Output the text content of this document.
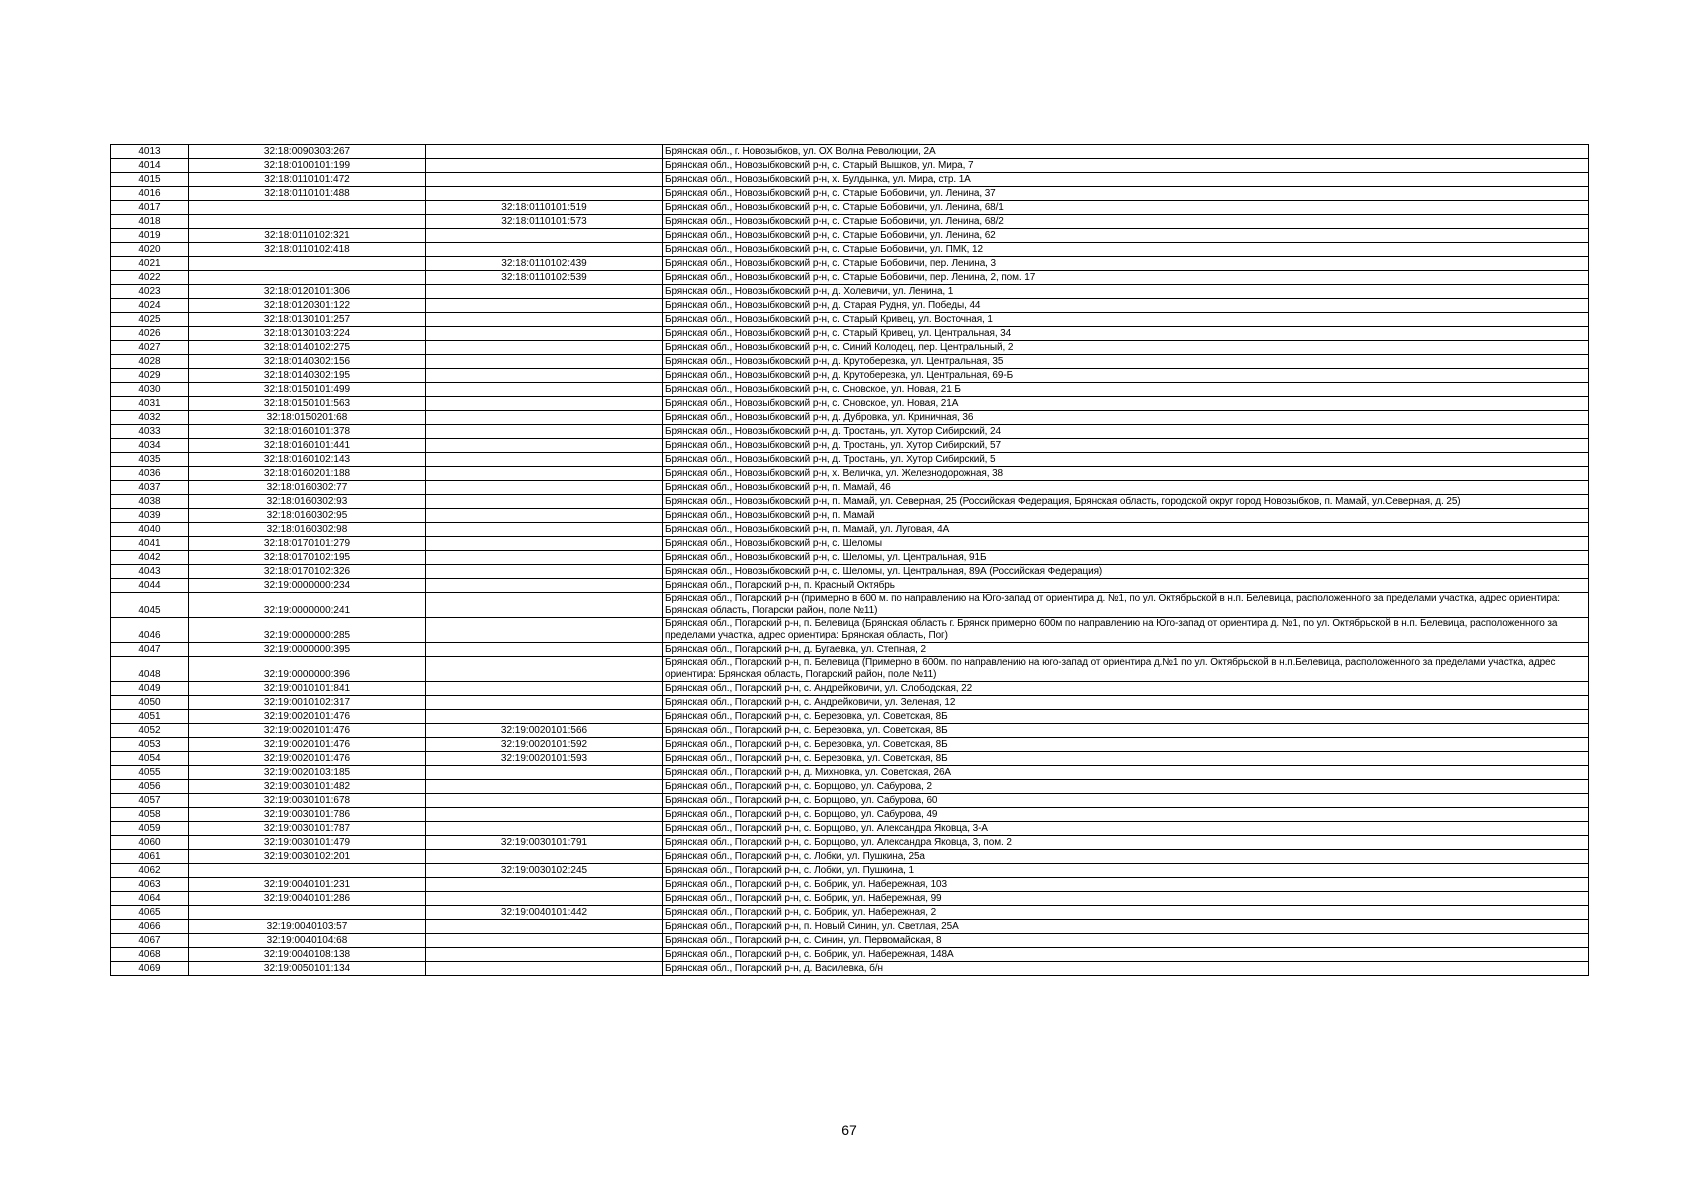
4013	32:18:0090303:267		Брянская обл., г. Новозыбков, ул. ОХ Волна Революции, 2А
4014	32:18:0100101:199		Брянская обл., Новозыбковский р-н, с. Старый Вышков, ул. Мира, 7
4015	32:18:0110101:472		Брянская обл., Новозыбковский р-н, х. Булдынка, ул. Мира, стр. 1А
4016	32:18:0110101:488		Брянская обл., Новозыбковский р-н, с. Старые Бобовичи, ул. Ленина, 37
4017		32:18:0110101:519	Брянская обл., Новозыбковский р-н, с. Старые Бобовичи, ул. Ленина, 68/1
4018		32:18:0110101:573	Брянская обл., Новозыбковский р-н, с. Старые Бобовичи, ул. Ленина, 68/2
4019	32:18:0110102:321		Брянская обл., Новозыбковский р-н, с. Старые Бобовичи, ул. Ленина, 62
4020	32:18:0110102:418		Брянская обл., Новозыбковский р-н, с. Старые Бобовичи, ул. ПМК, 12
4021		32:18:0110102:439	Брянская обл., Новозыбковский р-н, с. Старые Бобовичи, пер. Ленина, 3
4022		32:18:0110102:539	Брянская обл., Новозыбковский р-н, с. Старые Бобовичи, пер. Ленина, 2, пом. 17
4023	32:18:0120101:306		Брянская обл., Новозыбковский р-н, д. Холевичи, ул. Ленина, 1
4024	32:18:0120301:122		Брянская обл., Новозыбковский р-н, д. Старая Рудня, ул. Победы, 44
4025	32:18:0130101:257		Брянская обл., Новозыбковский р-н, с. Старый Кривец, ул. Восточная, 1
4026	32:18:0130103:224		Брянская обл., Новозыбковский р-н, с. Старый Кривец, ул. Центральная, 34
4027	32:18:0140102:275		Брянская обл., Новозыбковский р-н, с. Синий Колодец, пер. Центральный, 2
4028	32:18:0140302:156		Брянская обл., Новозыбковский р-н, д. Крутоберезка, ул. Центральная, 35
4029	32:18:0140302:195		Брянская обл., Новозыбковский р-н, д. Крутоберезка, ул. Центральная, 69-Б
4030	32:18:0150101:499		Брянская обл., Новозыбковский р-н, с. Сновское, ул. Новая, 21 Б
4031	32:18:0150101:563		Брянская обл., Новозыбковский р-н, с. Сновское, ул. Новая, 21А
4032	32:18:0150201:68		Брянская обл., Новозыбковский р-н, д. Дубровка, ул. Криничная, 36
4033	32:18:0160101:378		Брянская обл., Новозыбковский р-н, д. Тростань, ул. Хутор Сибирский, 24
4034	32:18:0160101:441		Брянская обл., Новозыбковский р-н, д. Тростань, ул. Хутор Сибирский, 57
4035	32:18:0160102:143		Брянская обл., Новозыбковский р-н, д. Тростань, ул. Хутор Сибирский, 5
4036	32:18:0160201:188		Брянская обл., Новозыбковский р-н, х. Величка, ул. Железнодорожная, 38
4037	32:18:0160302:77		Брянская обл., Новозыбковский р-н, п. Мамай, 46
4038	32:18:0160302:93		Брянская обл., Новозыбковский р-н, п. Мамай, ул. Северная, 25 (Российская Федерация, Брянская область, городской округ город Новозыбков, п. Мамай, ул.Северная, д. 25)
4039	32:18:0160302:95		Брянская обл., Новозыбковский р-н, п. Мамай
4040	32:18:0160302:98		Брянская обл., Новозыбковский р-н, п. Мамай, ул. Луговая, 4А
4041	32:18:0170101:279		Брянская обл., Новозыбковский р-н, с. Шеломы
4042	32:18:0170102:195		Брянская обл., Новозыбковский р-н, с. Шеломы, ул. Центральная, 91Б
4043	32:18:0170102:326		Брянская обл., Новозыбковский р-н, с. Шеломы, ул. Центральная, 89А (Российская Федерация)
4044	32:19:0000000:234		Брянская обл., Погарский р-н, п. Красный Октябрь
4045	32:19:0000000:241		Брянская обл., Погарский р-н (примерно в 600 м. по направлению на Юго-запад от ориентира д. №1, по ул. Октябрьской в н.п. Белевица, расположенного за пределами участка, адрес ориентира: Брянская область, Погарски район, поле №11)
4046	32:19:0000000:285		Брянская обл., Погарский р-н, п. Белевица (Брянская область г. Брянск примерно 600м по направлению на Юго-запад от ориентира д. №1, по ул. Октябрьской в н.п. Белевица, расположенного за пределами участка, адрес ориентира: Брянская область, Пог)
4047	32:19:0000000:395		Брянская обл., Погарский р-н, д. Бугаевка, ул. Степная, 2
4048	32:19:0000000:396		Брянская обл., Погарский р-н, п. Белевица (Примерно в 600м. по направлению на юго-запад от ориентира д.№1 по ул. Октябрьской в н.п.Белевица, расположенного за пределами участка, адрес ориентира: Брянская область, Погарский район, поле №11)
4049	32:19:0010101:841		Брянская обл., Погарский р-н, с. Андрейковичи, ул. Слободская, 22
4050	32:19:0010102:317		Брянская обл., Погарский р-н, с. Андрейковичи, ул. Зеленая, 12
4051	32:19:0020101:476		Брянская обл., Погарский р-н, с. Березовка, ул. Советская, 8Б
4052	32:19:0020101:476	32:19:0020101:566	Брянская обл., Погарский р-н, с. Березовка, ул. Советская, 8Б
4053	32:19:0020101:476	32:19:0020101:592	Брянская обл., Погарский р-н, с. Березовка, ул. Советская, 8Б
4054	32:19:0020101:476	32:19:0020101:593	Брянская обл., Погарский р-н, с. Березовка, ул. Советская, 8Б
4055	32:19:0020103:185		Брянская обл., Погарский р-н, д. Михновка, ул. Советская, 26А
4056	32:19:0030101:482		Брянская обл., Погарский р-н, с. Борщово, ул. Сабурова, 2
4057	32:19:0030101:678		Брянская обл., Погарский р-н, с. Борщово, ул. Сабурова, 60
4058	32:19:0030101:786		Брянская обл., Погарский р-н, с. Борщово, ул. Сабурова, 49
4059	32:19:0030101:787		Брянская обл., Погарский р-н, с. Борщово, ул. Александра Яковца, 3-А
4060	32:19:0030101:479	32:19:0030101:791	Брянская обл., Погарский р-н, с. Борщово, ул. Александра Яковца, 3, пом. 2
4061	32:19:0030102:201		Брянская обл., Погарский р-н, с. Лобки, ул. Пушкина, 25а
4062		32:19:0030102:245	Брянская обл., Погарский р-н, с. Лобки, ул. Пушкина, 1
4063	32:19:0040101:231		Брянская обл., Погарский р-н, с. Бобрик, ул. Набережная, 103
4064	32:19:0040101:286		Брянская обл., Погарский р-н, с. Бобрик, ул. Набережная, 99
4065		32:19:0040101:442	Брянская обл., Погарский р-н, с. Бобрик, ул. Набережная, 2
4066	32:19:0040103:57		Брянская обл., Погарский р-н, п. Новый Синин, ул. Светлая, 25А
4067	32:19:0040104:68		Брянская обл., Погарский р-н, с. Синин, ул. Первомайская, 8
4068	32:19:0040108:138		Брянская обл., Погарский р-н, с. Бобрик, ул. Набережная, 148А
4069	32:19:0050101:134		Брянская обл., Погарский р-н, д. Василевка, б/н
67
